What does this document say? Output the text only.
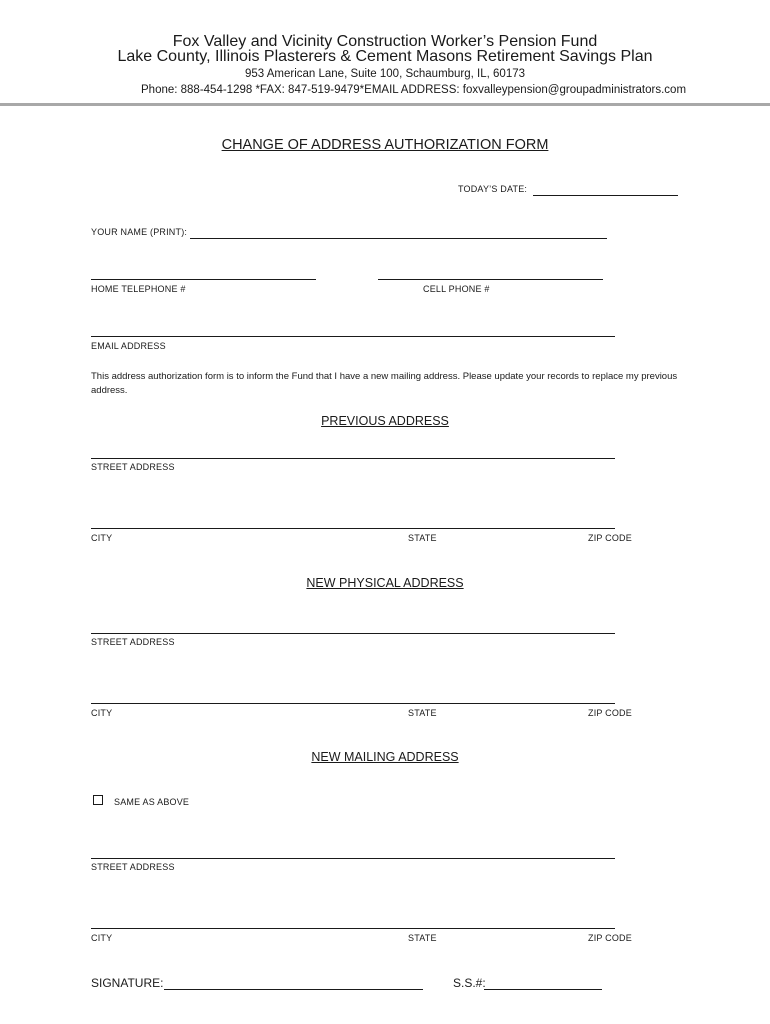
Fox Valley and Vicinity Construction Worker’s Pension Fund
Lake County, Illinois Plasterers & Cement Masons Retirement Savings Plan
953 American Lane, Suite 100, Schaumburg, IL, 60173
Phone: 888-454-1298 *FAX: 847-519-9479*EMAIL ADDRESS: foxvalleypension@groupadministrators.com
CHANGE OF ADDRESS AUTHORIZATION FORM
TODAY’S DATE:
YOUR NAME (PRINT):
HOME TELEPHONE #	CELL PHONE #
EMAIL ADDRESS
This address authorization form is to inform the Fund that I have a new mailing address. Please update your records to replace my previous address.
PREVIOUS ADDRESS
STREET ADDRESS
CITY	STATE	ZIP CODE
NEW PHYSICAL ADDRESS
STREET ADDRESS
CITY	STATE	ZIP CODE
NEW MAILING ADDRESS
SAME AS ABOVE
STREET ADDRESS
CITY	STATE	ZIP CODE
SIGNATURE:	S.S.#:
